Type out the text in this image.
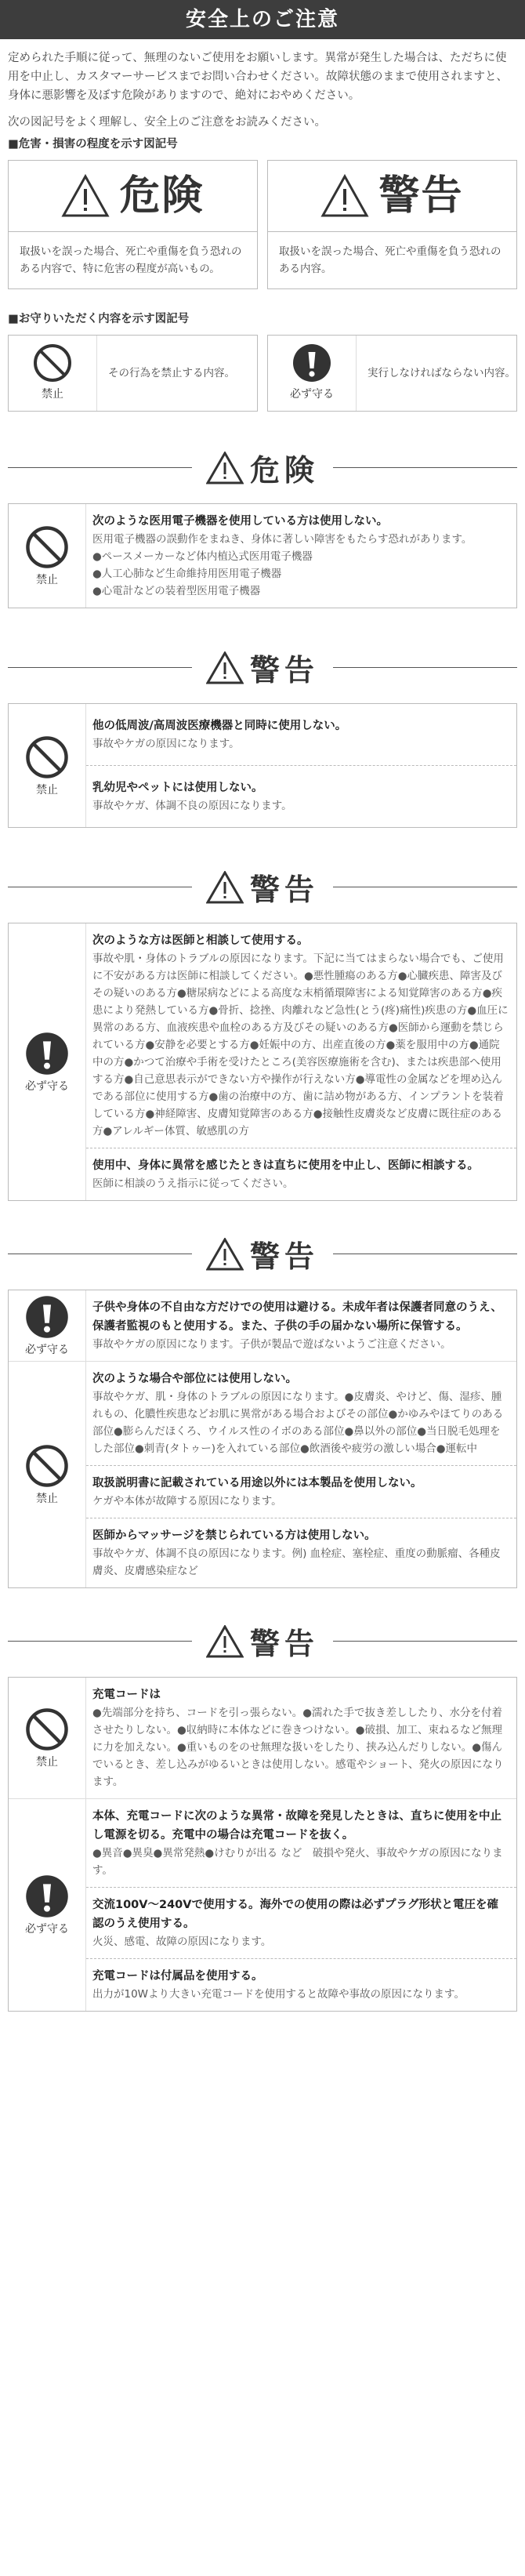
安全上のご注意
定められた手順に従って、無理のないご使用をお願いします。異常が発生した場合は、ただちに使用を中止し、カスタマーサービスまでお問い合わせください。故障状態のままで使用されますと、身体に悪影響を及ぼす危険がありますので、絶対におやめください。
次の図記号をよく理解し、安全上のご注意をお読みください。
■危害・損害の程度を示す図記号
危険
取扱いを誤った場合、死亡や重傷を負う恐れのある内容で、特に危害の程度が高いもの。
警告
取扱いを誤った場合、死亡や重傷を負う恐れのある内容。
■お守りいただく内容を示す図記号
禁止
その行為を禁止する内容。
必ず守る
実行しなければならない内容。
危険
禁止
次のような医用電子機器を使用している方は使用しない。
医用電子機器の誤動作をまねき、身体に著しい障害をもたらす恐れがあります。
●ペースメーカーなど体内植込式医用電子機器
●人工心肺など生命維持用医用電子機器
●心電計などの装着型医用電子機器
警告
禁止
他の低周波/高周波医療機器と同時に使用しない。
事故やケガの原因になります。
乳幼児やペットには使用しない。
事故やケガ、体調不良の原因になります。
警告
必ず守る
次のような方は医師と相談して使用する。
事故や肌・身体のトラブルの原因になります。下記に当てはまらない場合でも、ご使用に不安がある方は医師に相談してください。●悪性腫瘍のある方●心臓疾患、障害及びその疑いのある方●糖尿病などによる高度な末梢循環障害による知覚障害のある方●疾患により発熱している方●骨折、捻挫、肉離れなど急性(とう(疼)痛性)疾患の方●血圧に異常のある方、血液疾患や血栓のある方及びその疑いのある方●医師から運動を禁じられている方●安静を必要とする方●妊娠中の方、出産直後の方●薬を服用中の方●通院中の方●かつて治療や手術を受けたところ(美容医療施術を含む)、または疾患部へ使用する方●自己意思表示ができない方や操作が行えない方●導電性の金属などを埋め込んである部位に使用する方●歯の治療中の方、歯に詰め物がある方、インプラントを装着している方●神経障害、皮膚知覚障害のある方●接触性皮膚炎など皮膚に既往症のある方●アレルギー体質、敏感肌の方
使用中、身体に異常を感じたときは直ちに使用を中止し、医師に相談する。
医師に相談のうえ指示に従ってください。
警告
必ず守る
子供や身体の不自由な方だけでの使用は避ける。未成年者は保護者同意のうえ、保護者監視のもと使用する。また、子供の手の届かない場所に保管する。
事故やケガの原因になります。子供が製品で遊ばないようご注意ください。
禁止
次のような場合や部位には使用しない。
事故やケガ、肌・身体のトラブルの原因になります。●皮膚炎、やけど、傷、湿疹、腫れもの、化膿性疾患などお肌に異常がある場合およびその部位●かゆみやほてりのある部位●膨らんだほくろ、ウイルス性のイボのある部位●鼻以外の部位●当日脱毛処理をした部位●刺青(タトゥー)を入れている部位●飲酒後や疲労の激しい場合●運転中
取扱説明書に記載されている用途以外には本製品を使用しない。
ケガや本体が故障する原因になります。
医師からマッサージを禁じられている方は使用しない。
事故やケガ、体調不良の原因になります。例) 血栓症、塞栓症、重度の動脈瘤、各種皮膚炎、皮膚感染症など
警告
禁止
充電コードは
●先端部分を持ち、コードを引っ張らない。●濡れた手で抜き差ししたり、水分を付着させたりしない。●収納時に本体などに巻きつけない。●破損、加工、束ねるなど無理に力を加えない。●重いものをのせ無理な扱いをしたり、挟み込んだりしない。●傷んでいるとき、差し込みがゆるいときは使用しない。感電やショート、発火の原因になります。
必ず守る
本体、充電コードに次のような異常・故障を発見したときは、直ちに使用を中止し電源を切る。充電中の場合は充電コードを抜く。
●異音●異臭●異常発熱●けむりが出る など　破損や発火、事故やケガの原因になります。
交流100V〜240Vで使用する。海外での使用の際は必ずプラグ形状と電圧を確認のうえ使用する。
火災、感電、故障の原因になります。
充電コードは付属品を使用する。
出力が10Wより大きい充電コードを使用すると故障や事故の原因になります。
